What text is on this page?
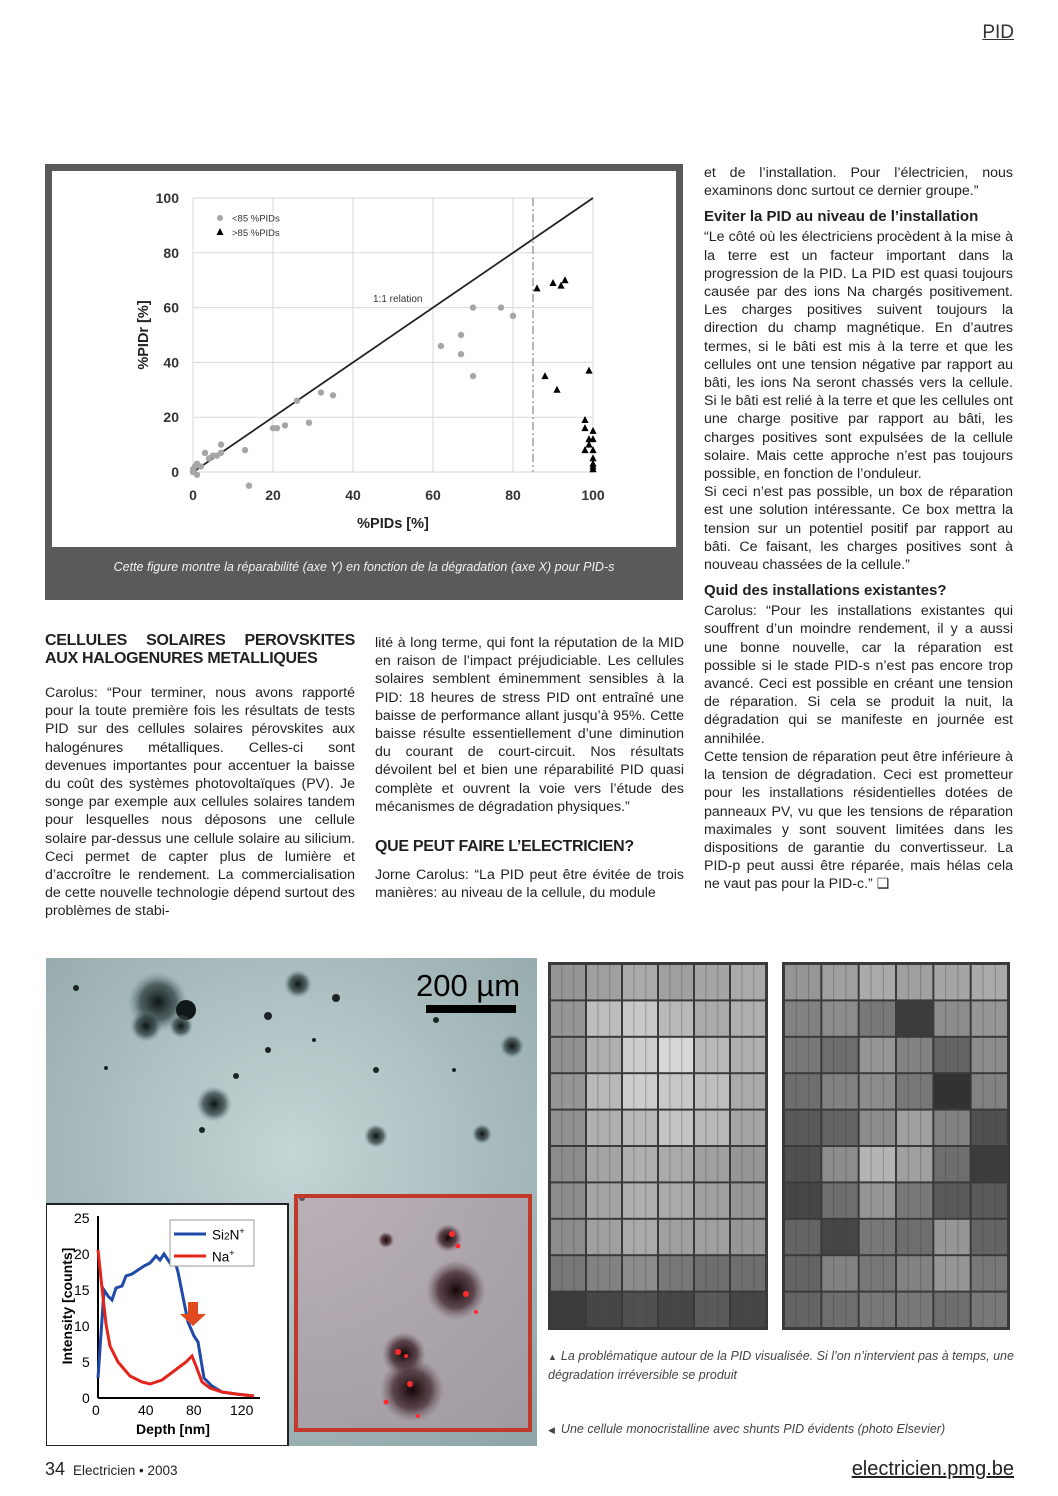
PID
0	20	40	60	80	100
0
20
40
60
80
100
1:1 relation
<85 %PIDs
>85 %PIDs
%PIDs [%]
%PIDr [%]
Cette figure montre la réparabilité (axe Y) en fonction de la dégradation (axe X) pour PID-s
CELLULES SOLAIRES PEROVSKITES AUX HALOGENURES METALLIQUES

Carolus: “Pour terminer, nous avons rapporté pour la toute première fois les résultats de tests PID sur des cellules solaires pérovskites aux halogénures métalliques. Celles-ci sont devenues importantes pour accentuer la baisse du coût des systèmes photovoltaïques (PV). Je songe par exemple aux cellules solaires tandem pour lesquelles nous déposons une cellule solaire par-dessus une cellule solaire au silicium. Ceci permet de capter plus de lumière et d’accroître le rendement. La commercialisation de cette nouvelle technologie dépend surtout des problèmes de stabi-

lité à long terme, qui font la réputation de la MID en raison de l’impact préjudiciable. Les cellules solaires semblent éminemment sensibles à la PID: 18 heures de stress PID ont entraîné une baisse de performance allant jusqu’à 95%. Cette baisse résulte essentiellement d’une diminution du courant de court-circuit. Nos résultats dévoilent bel et bien une réparabilité PID quasi complète et ouvrent la voie vers l’étude des mécanismes de dégradation physiques.”

QUE PEUT FAIRE L’ELECTRICIEN?

Jorne Carolus: “La PID peut être évitée de trois manières: au niveau de la cellule, du module

et de l’installation. Pour l’électricien, nous examinons donc surtout ce dernier groupe.”

Eviter la PID au niveau de l’installation

“Le côté où les électriciens procèdent à la mise à la terre est un facteur important dans la progression de la PID. La PID est quasi toujours causée par des ions Na chargés positivement. Les charges positives suivent toujours la direction du champ magnétique. En d’autres termes, si le bâti est mis à la terre et que les cellules ont une tension négative par rapport au bâti, les ions Na seront chassés vers la cellule. Si le bâti est relié à la terre et que les cellules ont une charge positive par rapport au bâti, les charges positives sont expulsées de la cellule solaire. Mais cette approche n’est pas toujours possible, en fonction de l’onduleur.

Si ceci n’est pas possible, un box de réparation est une solution intéressante. Ce box mettra la tension sur un potentiel positif par rapport au bâti. Ce faisant, les charges positives sont à nouveau chassées de la cellule.”

Quid des installations existantes?

Carolus: “Pour les installations existantes qui souffrent d’un moindre rendement, il y a aussi une bonne nouvelle, car la réparation est possible si le stade PID-s n’est pas encore trop avancé. Ceci est possible en créant une tension de réparation. Si cela se produit la nuit, la dégradation qui se manifeste en journée est annihilée.

Cette tension de réparation peut être inférieure à la tension de dégradation. Ceci est prometteur pour les installations résidentielles dotées de panneaux PV, vu que les tensions de réparation maximales y sont souvent limitées dans les dispositions de garantie du convertisseur. La PID-p peut aussi être réparée, mais hélas cela ne vaut pas pour la PID-c.” ❑

200 µm
Si2N+
Na+
Depth [nm]
Intensity [counts]
0	40 80 120
0
5
10
15
20
25
▲ La problématique autour de la PID visualisée. Si l’on n’intervient pas à temps, une dégradation irréversible se produit
◀ Une cellule monocristalline avec shunts PID évidents (photo Elsevier)
34 Electricien • 2003	electricien.pmg.be
